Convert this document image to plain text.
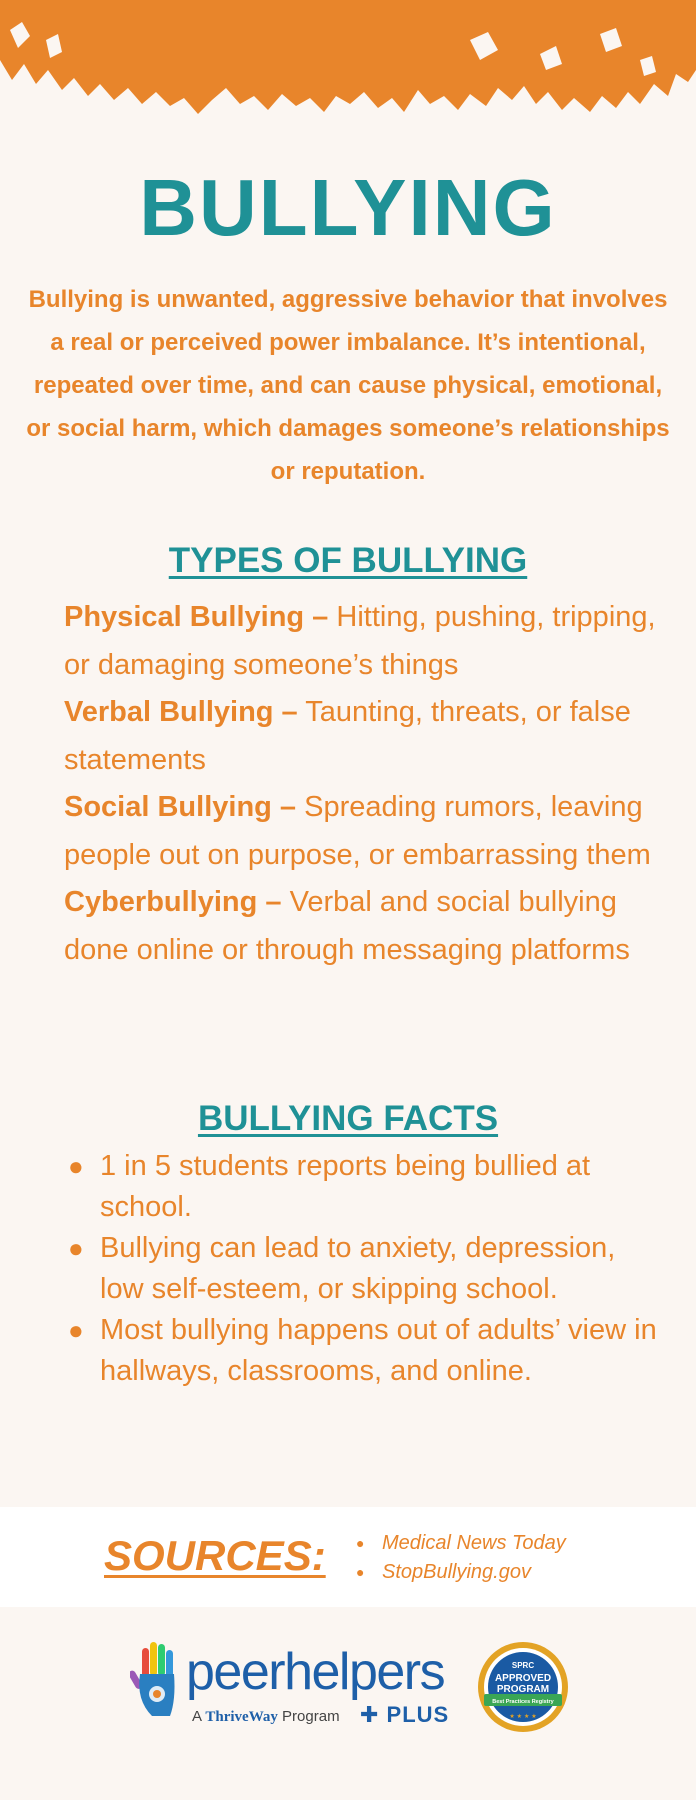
BULLYING
Bullying is unwanted, aggressive behavior that involves a real or perceived power imbalance. It’s intentional, repeated over time, and can cause physical, emotional, or social harm, which damages someone’s relationships or reputation.
TYPES OF BULLYING

Physical Bullying – Hitting, pushing, tripping, or damaging someone’s things

Verbal Bullying – Taunting, threats, or false statements

Social Bullying – Spreading rumors, leaving people out on purpose, or embarrassing them

Cyberbullying – Verbal and social bullying done online or through messaging platforms

BULLYING FACTS
● 1 in 5 students reports being bullied at school.
● Bullying can lead to anxiety, depression, low self-esteem, or skipping school.
● Most bullying happens out of adults’ view in hallways, classrooms, and online.
SOURCES: ● Medical News Today
● StopBullying.gov
peerhelpers
A ThriveWay Program ✚ PLUS
SPRC
APPROVED
PROGRAM
Best Practices Registry
★ ★ ★ ★
